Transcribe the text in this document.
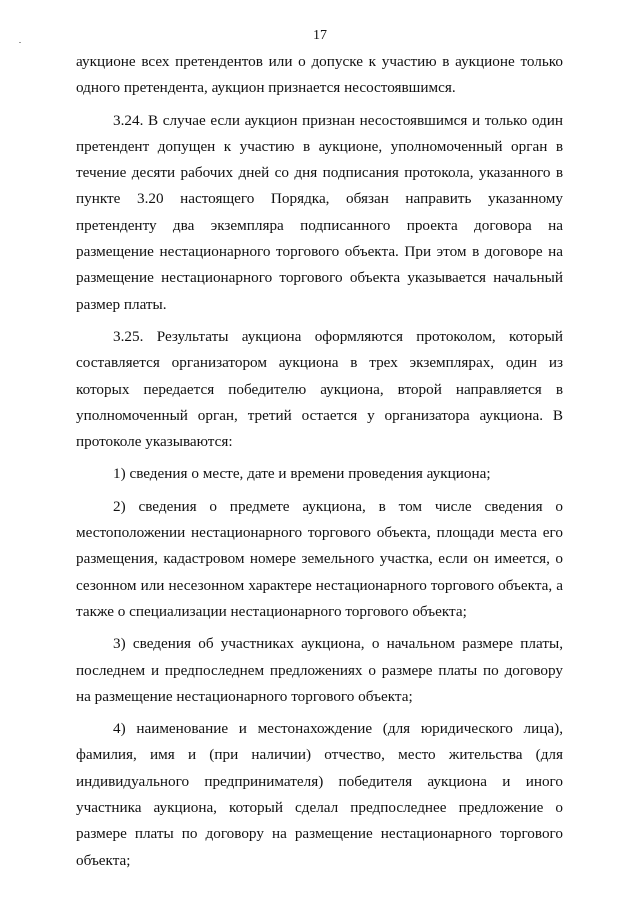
17

аукционе всех претендентов или о допуске к участию в аукционе только одного претендента, аукцион признается несостоявшимся.

3.24. В случае если аукцион признан несостоявшимся и только один претендент допущен к участию в аукционе, уполномоченный орган в течение десяти рабочих дней со дня подписания протокола, указанного в пункте 3.20 настоящего Порядка, обязан направить указанному претенденту два экземпляра подписанного проекта договора на размещение нестационарного торгового объекта. При этом в договоре на размещение нестационарного торгового объекта указывается начальный размер платы.

3.25. Результаты аукциона оформляются протоколом, который составляется организатором аукциона в трех экземплярах, один из которых передается победителю аукциона, второй направляется в уполномоченный орган, третий остается у организатора аукциона. В протоколе указываются:

1) сведения о месте, дате и времени проведения аукциона;

2) сведения о предмете аукциона, в том числе сведения о местоположении нестационарного торгового объекта, площади места его размещения, кадастровом номере земельного участка, если он имеется, о сезонном или несезонном характере нестационарного торгового объекта, а также о специализации нестационарного торгового объекта;

3) сведения об участниках аукциона, о начальном размере платы, последнем и предпоследнем предложениях о размере платы по договору на размещение нестационарного торгового объекта;

4) наименование и местонахождение (для юридического лица), фамилия, имя и (при наличии) отчество, место жительства (для индивидуального предпринимателя) победителя аукциона и иного участника аукциона, который сделал предпоследнее предложение о размере платы по договору на размещение нестационарного торгового объекта;
